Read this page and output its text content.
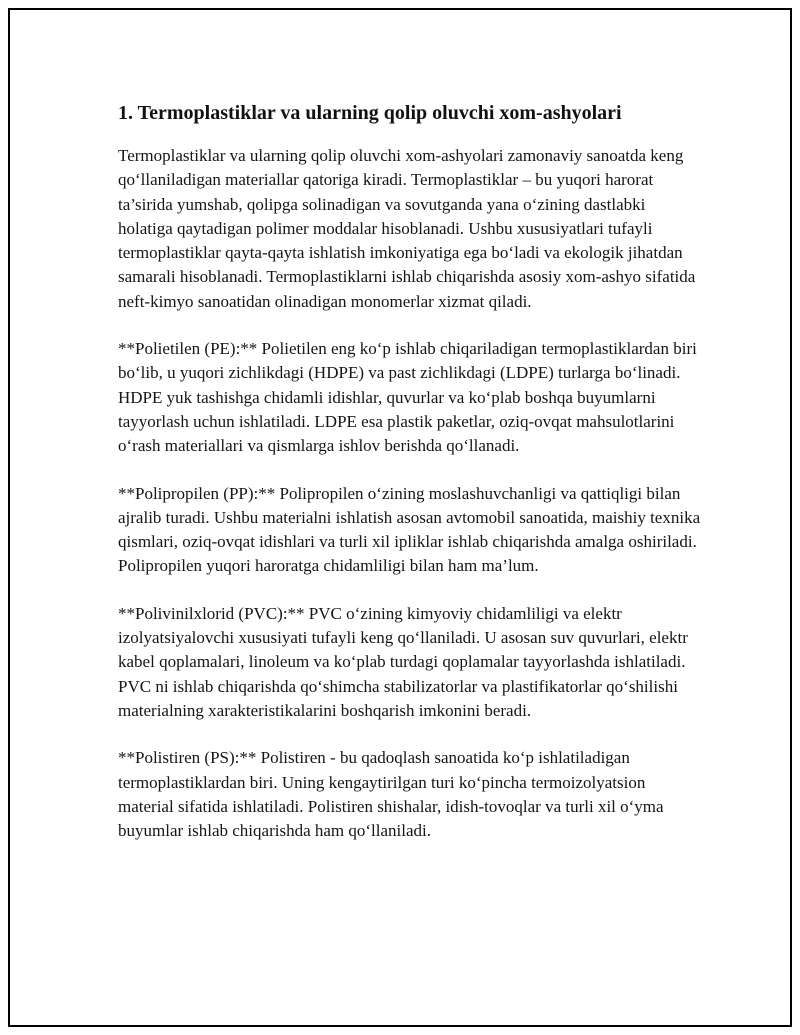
1. Termoplastiklar va ularning qolip oluvchi xom-ashyolari

Termoplastiklar va ularning qolip oluvchi xom-ashyolari zamonaviy sanoatda keng qo‘llaniladigan materiallar qatoriga kiradi. Termoplastiklar – bu yuqori harorat ta’sirida yumshab, qolipga solinadigan va sovutganda yana o‘zining dastlabki holatiga qaytadigan polimer moddalar hisoblanadi. Ushbu xususiyatlari tufayli termoplastiklar qayta-qayta ishlatish imkoniyatiga ega bo‘ladi va ekologik jihatdan samarali hisoblanadi. Termoplastiklarni ishlab chiqarishda asosiy xom-ashyo sifatida neft-kimyo sanoatidan olinadigan monomerlar xizmat qiladi.

**Polietilen (PE):** Polietilen eng ko‘p ishlab chiqariladigan termoplastiklardan biri bo‘lib, u yuqori zichlikdagi (HDPE) va past zichlikdagi (LDPE) turlarga bo‘linadi. HDPE yuk tashishga chidamli idishlar, quvurlar va ko‘plab boshqa buyumlarni tayyorlash uchun ishlatiladi. LDPE esa plastik paketlar, oziq-ovqat mahsulotlarini o‘rash materiallari va qismlarga ishlov berishda qo‘llanadi.

**Polipropilen (PP):** Polipropilen o‘zining moslashuvchanligi va qattiqligi bilan ajralib turadi. Ushbu materialni ishlatish asosan avtomobil sanoatida, maishiy texnika qismlari, oziq-ovqat idishlari va turli xil ipliklar ishlab chiqarishda amalga oshiriladi. Polipropilen yuqori haroratga chidamliligi bilan ham ma’lum.

**Polivinilxlorid (PVC):** PVC o‘zining kimyoviy chidamliligi va elektr izolyatsiyalovchi xususiyati tufayli keng qo‘llaniladi. U asosan suv quvurlari, elektr kabel qoplamalari, linoleum va ko‘plab turdagi qoplamalar tayyorlashda ishlatiladi. PVC ni ishlab chiqarishda qo‘shimcha stabilizatorlar va plastifikatorlar qo‘shilishi materialning xarakteristikalarini boshqarish imkonini beradi.

**Polistiren (PS):** Polistiren - bu qadoqlash sanoatida ko‘p ishlatiladigan termoplastiklardan biri. Uning kengaytirilgan turi ko‘pincha termoizolyatsion material sifatida ishlatiladi. Polistiren shishalar, idish-tovoqlar va turli xil o‘yma buyumlar ishlab chiqarishda ham qo‘llaniladi.
